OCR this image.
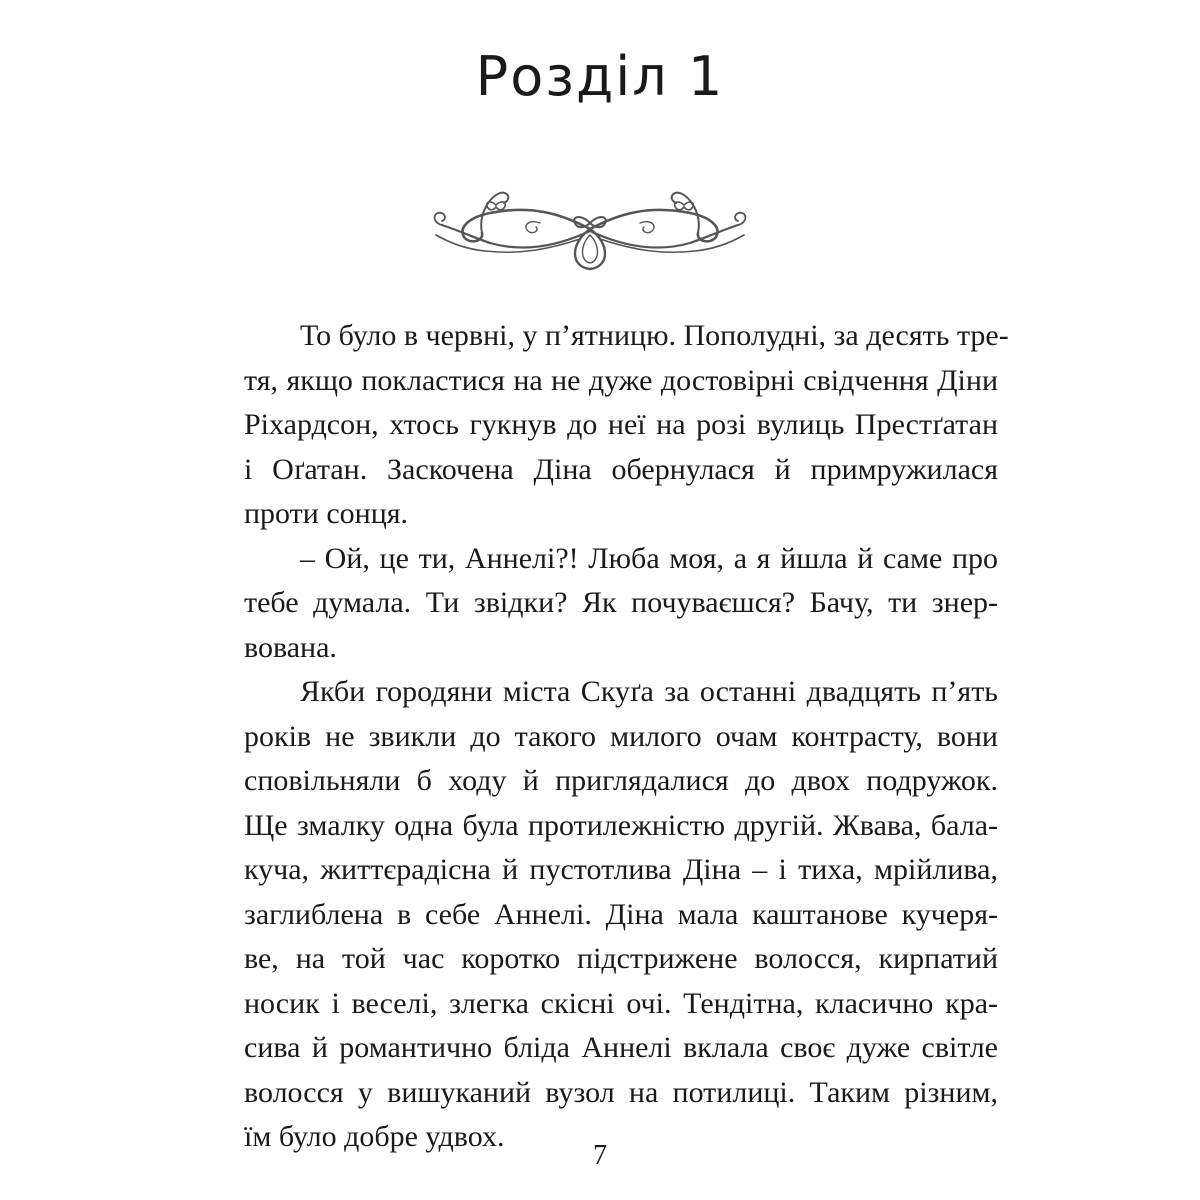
Розділ 1
То було в червні, у п’ятницю. Пополудні, за десять тре-
тя, якщо покластися на не дуже достовірні свідчення Діни
Ріхардсон, хтось гукнув до неї на розі вулиць Престґатан
і Оґатан. Заскочена Діна обернулася й примружилася
проти сонця.
– Ой, це ти, Аннелі?! Люба моя, а я йшла й саме про
тебе думала. Ти звідки? Як почуваєшся? Бачу, ти знер-
вована.
Якби городяни міста Скуґа за останні двадцять п’ять
років не звикли до такого милого очам контрасту, вони
сповільняли б ходу й приглядалися до двох подружок.
Ще змалку одна була протилежністю другій. Жвава, бала-
куча, життєрадісна й пустотлива Діна – і тиха, мрійлива,
заглиблена в себе Аннелі. Діна мала каштанове кучеря-
ве, на той час коротко підстрижене волосся, кирпатий
носик і веселі, злегка скісні очі. Тендітна, класично кра-
сива й романтично бліда Аннелі вклала своє дуже світле
волосся у вишуканий вузол на потилиці. Таким різним,
їм було добре удвох.
7
